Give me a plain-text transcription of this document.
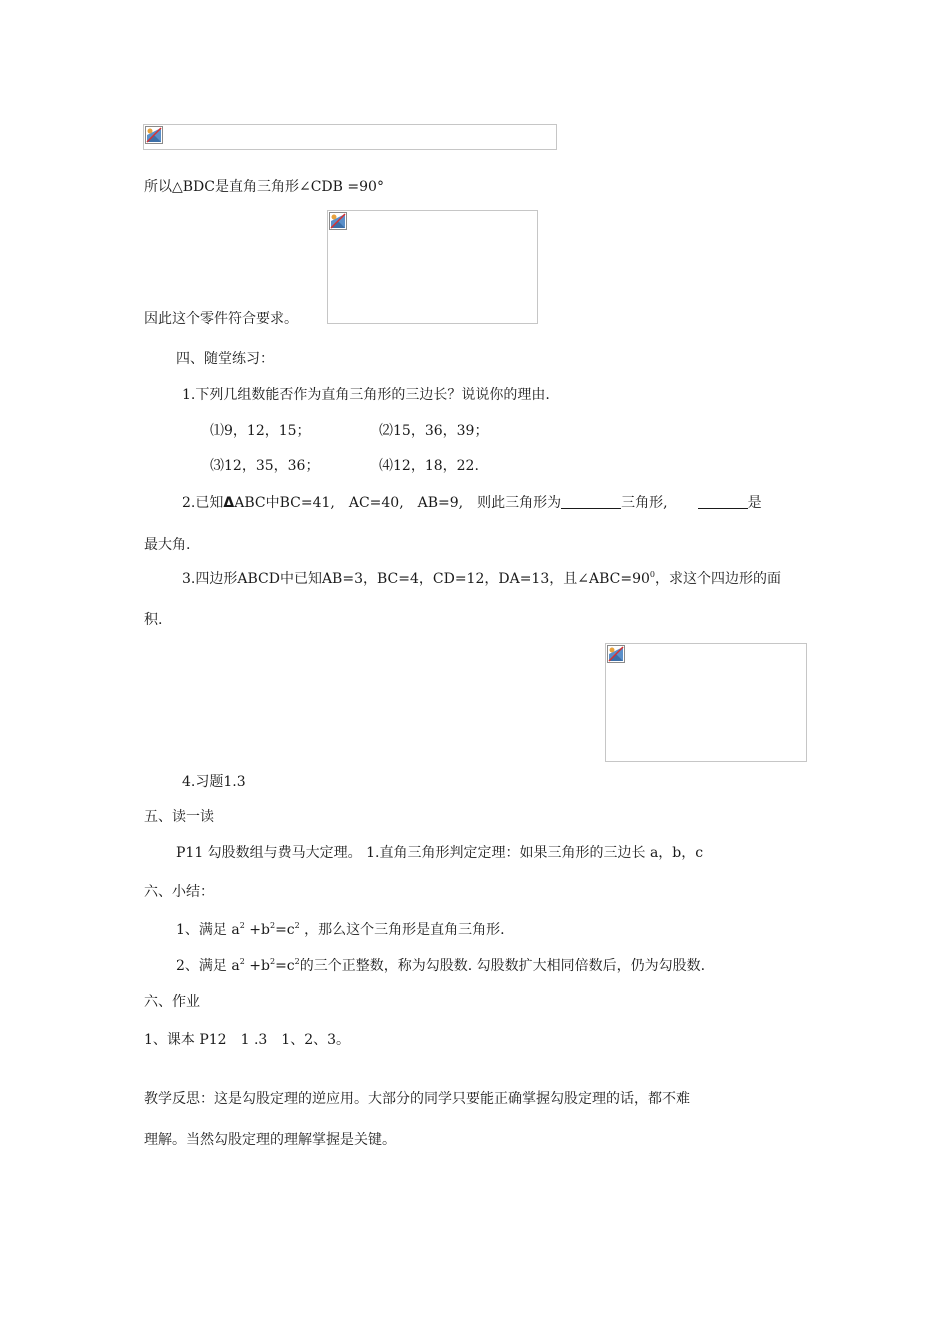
所以△BDC是直角三角形∠CDB =90°
因此这个零件符合要求。
四、随堂练习：
1.下列几组数能否作为直角三角形的三边长？说说你的理由.
⑴9，12，15；	⑵15，36，39；
⑶12，35，36；	⑷12，18，22.
2.已知ΔABC中BC=41,　AC=40,　AB=9,　则此三角形为	三角形,	是
最大角.
3.四边形ABCD中已知AB=3，BC=4，CD=12，DA=13，且$\angle ABC=90^0$，求这个四边形的面
积.
4.习题1.3
五、读一读
P11 勾股数组与费马大定理。 1.直角三角形判定定理：如果三角形的三边长 a，b，c
六、小结：
1、满足 $a^2 +b^2=c^2$ ，那么这个三角形是直角三角形.
2、满足 $a^2 +b^2=c^2$的三个正整数，称为勾股数. 勾股数扩大相同倍数后，仍为勾股数.
六、作业
1、课本 P12　1 .3　1、2、3。
教学反思：这是勾股定理的逆应用。大部分的同学只要能正确掌握勾股定理的话，都不难
理解。当然勾股定理的理解掌握是关键。
